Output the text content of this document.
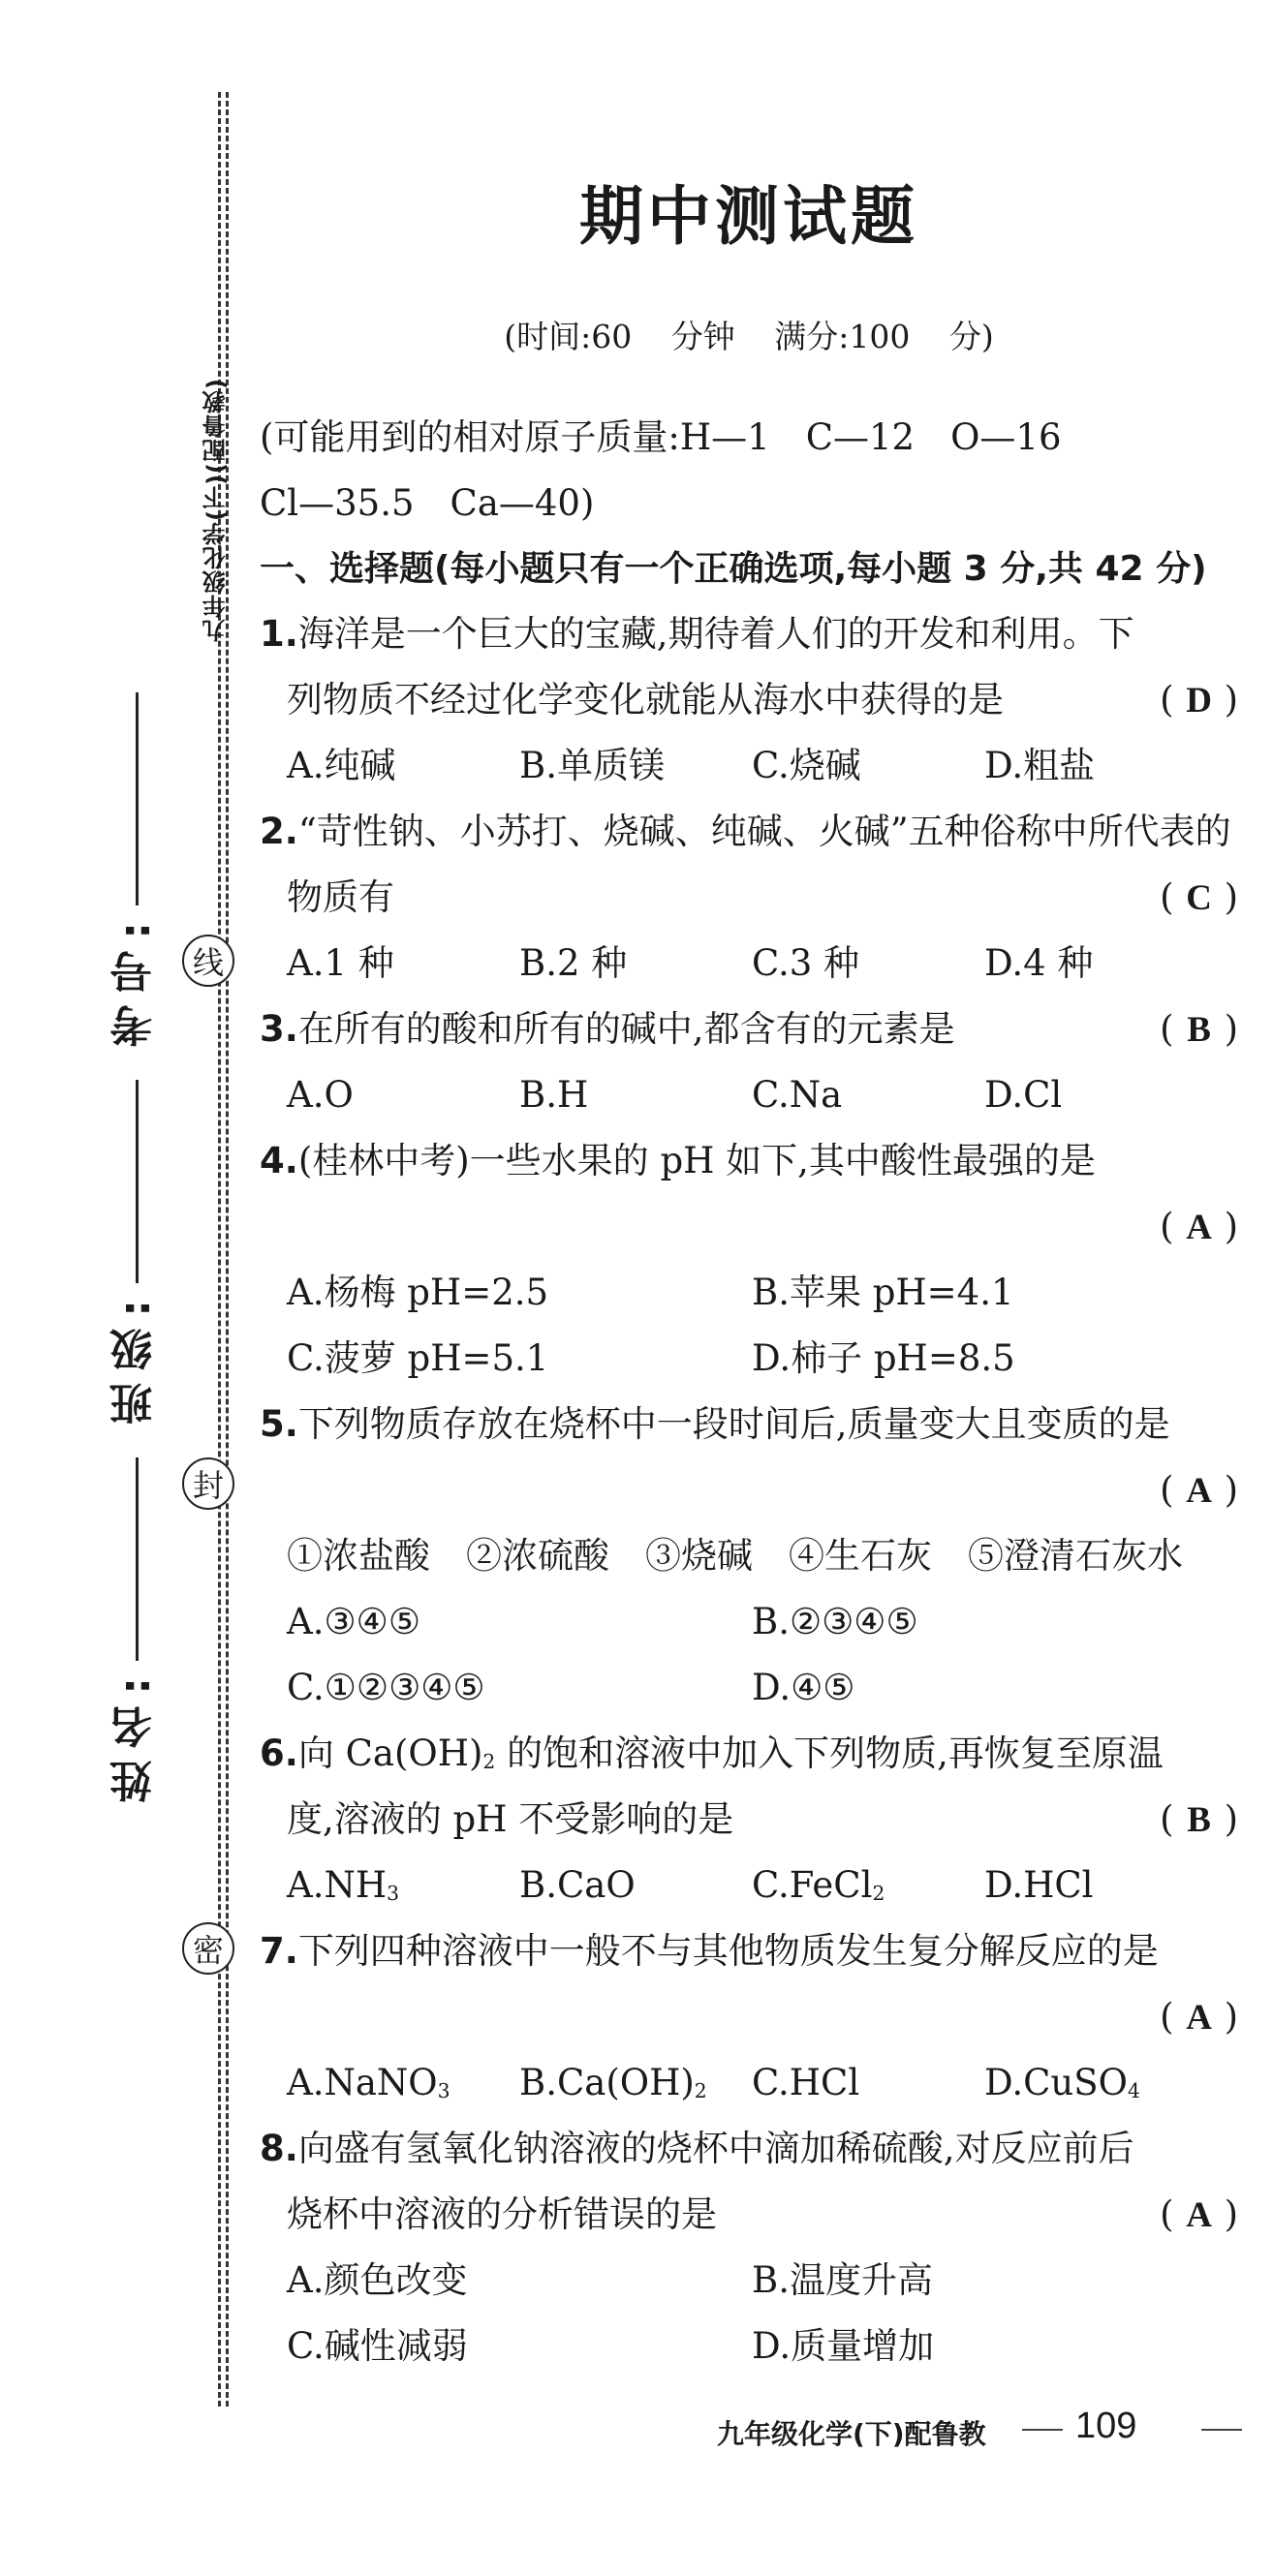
九年级化学(下)(配鲁教)
线
封
密
考号:
班级:
姓名:
期中测试题
(时间:60 分钟 满分:100 分)
(可能用到的相对原子质量:H—1　C—12　O—16
Cl—35.5　Ca—40)
一、选择题(每小题只有一个正确选项,每小题 3 分,共 42 分)
1.海洋是一个巨大的宝藏,期待着人们的开发和利用。下
列物质不经过化学变化就能从海水中获得的是	( D )
A.纯碱	B.单质镁 C.烧碱	D.粗盐
2.“苛性钠、小苏打、烧碱、纯碱、火碱”五种俗称中所代表的
物质有	( C )
A.1 种	B.2 种	C.3 种	D.4 种
3.在所有的酸和所有的碱中,都含有的元素是	( B )
A.O	B.H	C.Na	D.Cl
4.(桂林中考)一些水果的 pH 如下,其中酸性最强的是
( A )
A.杨梅 pH=2.5	B.苹果 pH=4.1
C.菠萝 pH=5.1	D.柿子 pH=8.5
5.下列物质存放在烧杯中一段时间后,质量变大且变质的是
( A )
①浓盐酸　②浓硫酸　③烧碱　④生石灰　⑤澄清石灰水
A.③④⑤	B.②③④⑤
C.①②③④⑤	D.④⑤
6.向 $Ca(OH)_2$ 的饱和溶液中加入下列物质,再恢复至原温
度,溶液的 pH 不受影响的是	( B )
$A.NH_3$	B.CaO	C.FeCl$_2$	D.HCl
7.下列四种溶液中一般不与其他物质发生复分解反应的是
( A )
A.NaNO$_3$ $B.Ca(OH)_2$ C.HCl	D.CuSO$_4$
8.向盛有氢氧化钠溶液的烧杯中滴加稀硫酸,对反应前后
烧杯中溶液的分析错误的是	( A )
A.颜色改变	B.温度升高
C.碱性减弱	D.质量增加
九年级化学(下)配鲁教 109
